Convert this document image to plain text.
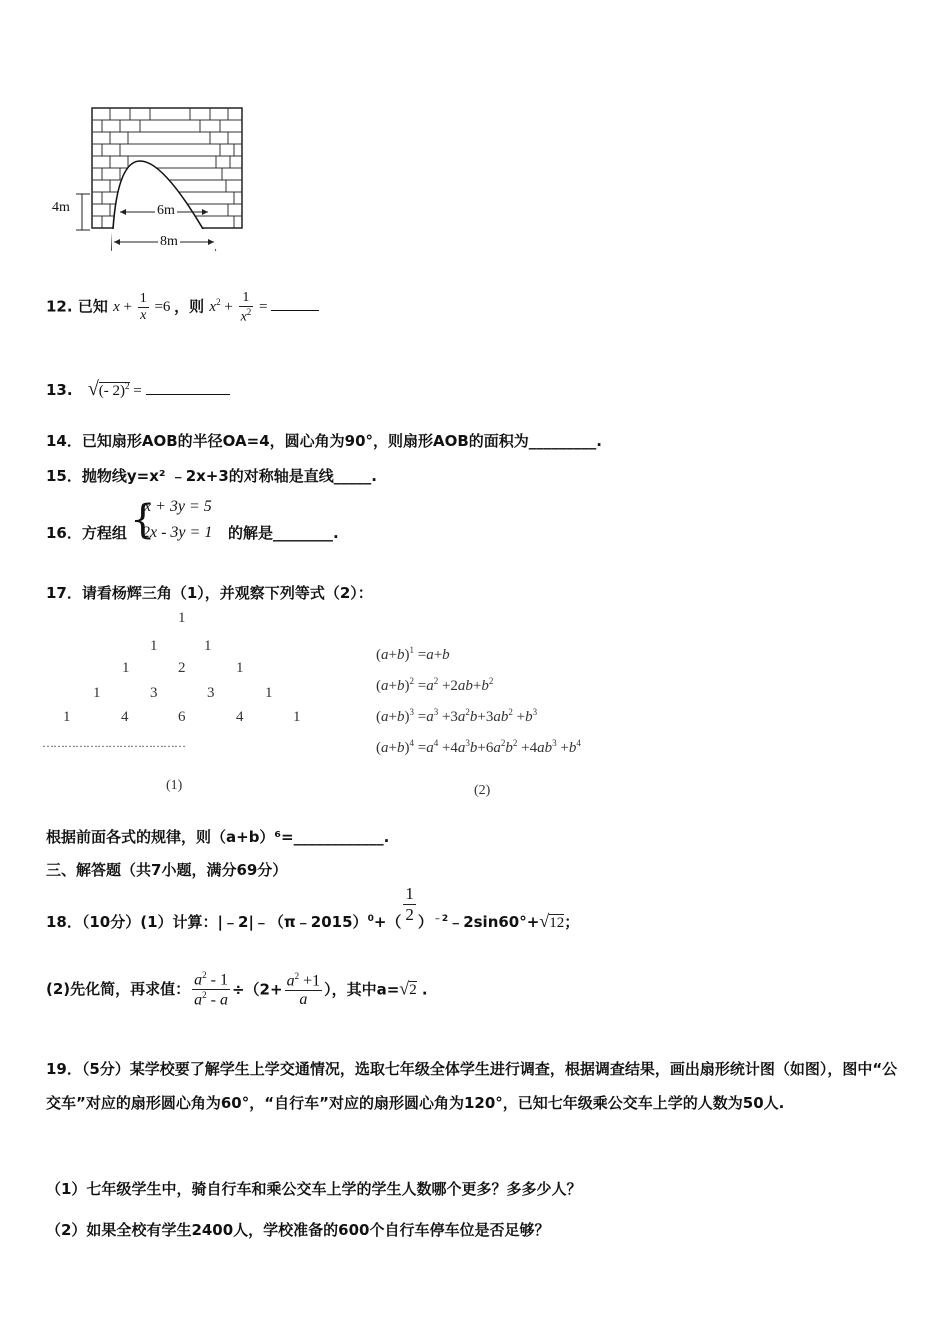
4m	6m
8m
12. 已知 $x + \frac{1}{x} =6$ ，则 $x^2 + \frac{1}{x^2}$ =
13. √(- 2)$^2$ =
14．已知扇形AOB的半径OA=4，圆心角为90°，则扇形AOB的面积为_________.
15．抛物线y=x² ﹣2x+3的对称轴是直线_____.
16．方程组 {
x + 3y = 5
2x - 3y = 1 的解是________.
17．请看杨辉三角（1），并观察下列等式（2）：
1
1	1
1	2	1
1	3	3	1
1	4	6	4	1
…………………………………
(1)
$(a+b)^1 =a+b$
$(a+b)^2 =a^2 +2ab+b^2$
$(a+b)^3 =a^3 +3a^2b+3ab^2 +b^3$
$(a+b)^4 =a^4 +4a^3b+6a^2b^2 +4ab^3 +b^4$
(2)
根据前面各式的规律，则（a+b）⁶=____________.
三、解答题（共7小题，满分69分）
18．（10分）(1）计算：|﹣2|﹣（π﹣2015）$^0$+（ $\frac{1}{2}$ ）$^{﹣2}$﹣2sin60°+√12；
(2)先化简，再求值： $\frac{a^2 - 1}{a^2 - a} \div(2+ \frac{a^2 +1}{a}$ ），其中a=√2 .
19．（5分）某学校要了解学生上学交通情况，选取七年级全体学生进行调查，根据调查结果，画出扇形统计图（如图），图中“公交车”对应的扇形圆心角为60°，“自行车”对应的扇形圆心角为120°，已知七年级乘公交车上学的人数为50人.
（1）七年级学生中，骑自行车和乘公交车上学的学生人数哪个更多？多多少人？
（2）如果全校有学生2400人，学校准备的600个自行车停车位是否足够？
